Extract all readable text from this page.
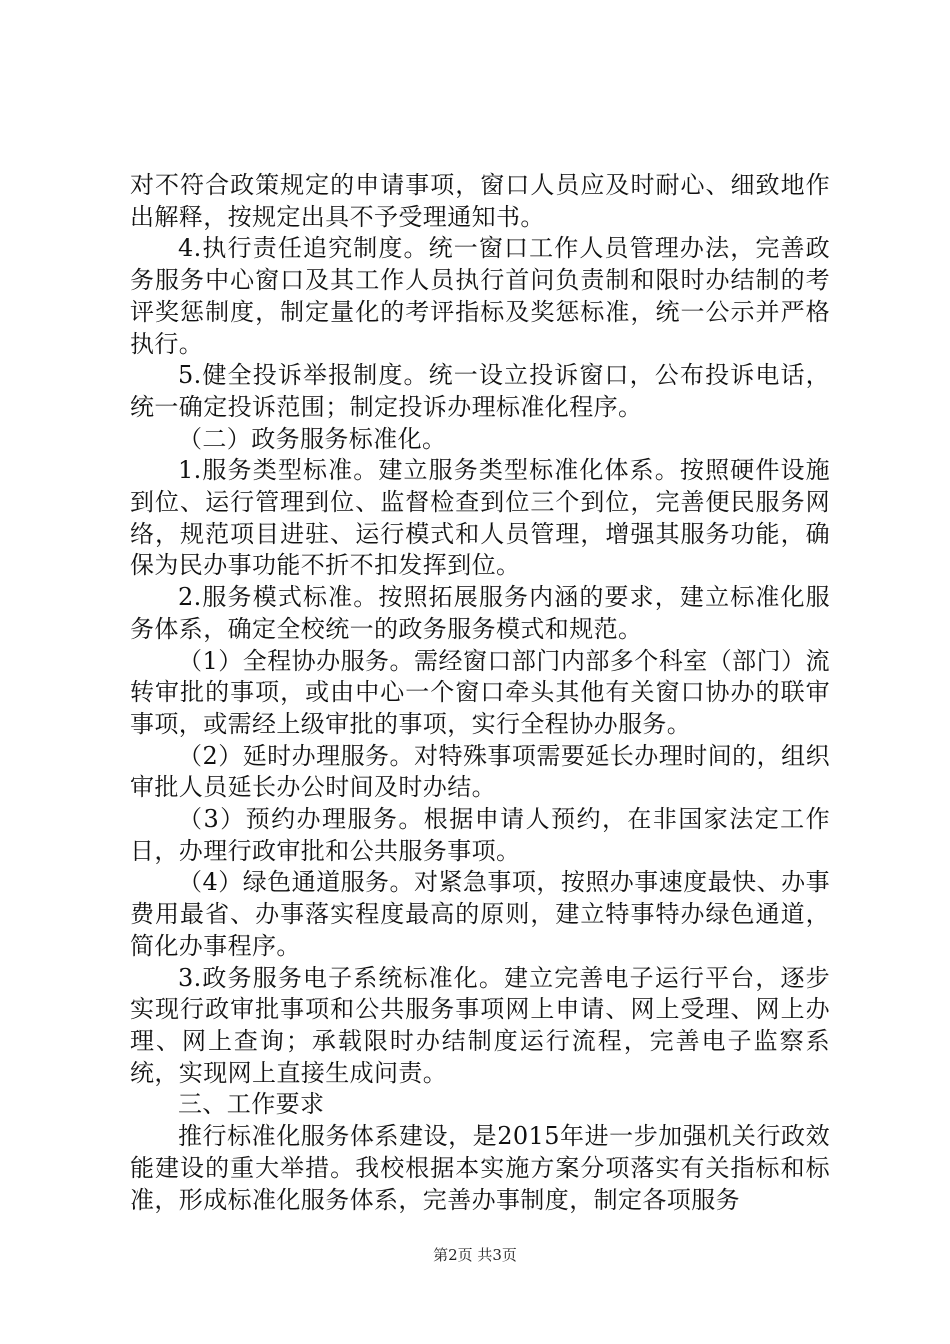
对不符合政策规定的申请事项，窗口人员应及时耐心、细致地作出解释，按规定出具不予受理通知书。

4.执行责任追究制度。统一窗口工作人员管理办法，完善政务服务中心窗口及其工作人员执行首问负责制和限时办结制的考评奖惩制度，制定量化的考评指标及奖惩标准，统一公示并严格执行。

5.健全投诉举报制度。统一设立投诉窗口，公布投诉电话，统一确定投诉范围；制定投诉办理标准化程序。

（二）政务服务标准化。

1.服务类型标准。建立服务类型标准化体系。按照硬件设施到位、运行管理到位、监督检查到位三个到位，完善便民服务网络，规范项目进驻、运行模式和人员管理，增强其服务功能，确保为民办事功能不折不扣发挥到位。

2.服务模式标准。按照拓展服务内涵的要求，建立标准化服务体系，确定全校统一的政务服务模式和规范。

（1）全程协办服务。需经窗口部门内部多个科室（部门）流转审批的事项，或由中心一个窗口牵头其他有关窗口协办的联审事项，或需经上级审批的事项，实行全程协办服务。

（2）延时办理服务。对特殊事项需要延长办理时间的，组织审批人员延长办公时间及时办结。

（3）预约办理服务。根据申请人预约，在非国家法定工作日，办理行政审批和公共服务事项。

（4）绿色通道服务。对紧急事项，按照办事速度最快、办事费用最省、办事落实程度最高的原则，建立特事特办绿色通道，简化办事程序。

3.政务服务电子系统标准化。建立完善电子运行平台，逐步实现行政审批事项和公共服务事项网上申请、网上受理、网上办理、网上查询；承载限时办结制度运行流程，完善电子监察系统，实现网上直接生成问责。

三、工作要求

推行标准化服务体系建设，是2015年进一步加强机关行政效能建设的重大举措。我校根据本实施方案分项落实有关指标和标准，形成标准化服务体系，完善办事制度，制定各项服务

第2页 共3页
